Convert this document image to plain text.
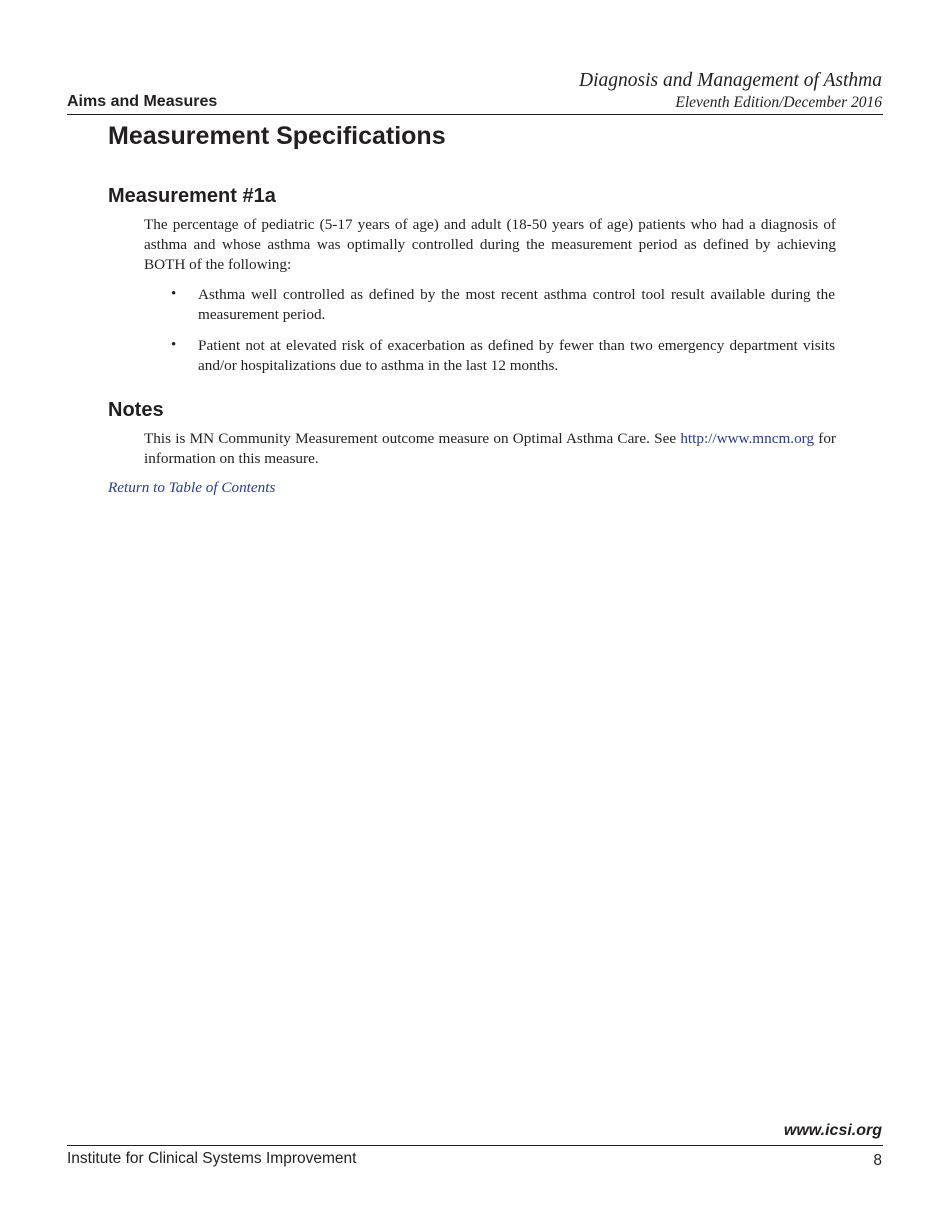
Aims and Measures
Diagnosis and Management of Asthma
Eleventh Edition/December 2016
Measurement Specifications
Measurement #1a

The percentage of pediatric (5-17 years of age) and adult (18-50 years of age) patients who had a diagnosis of asthma and whose asthma was optimally controlled during the measurement period as defined by achieving BOTH of the following:

• Asthma well controlled as defined by the most recent asthma control tool result available during the measurement period.

• Patient not at elevated risk of exacerbation as defined by fewer than two emergency department visits and/or hospitalizations due to asthma in the last 12 months.

Notes

This is MN Community Measurement outcome measure on Optimal Asthma Care. See http://www.mncm.org for information on this measure.

Return to Table of Contents
www.icsi.org
Institute for Clinical Systems Improvement	8
